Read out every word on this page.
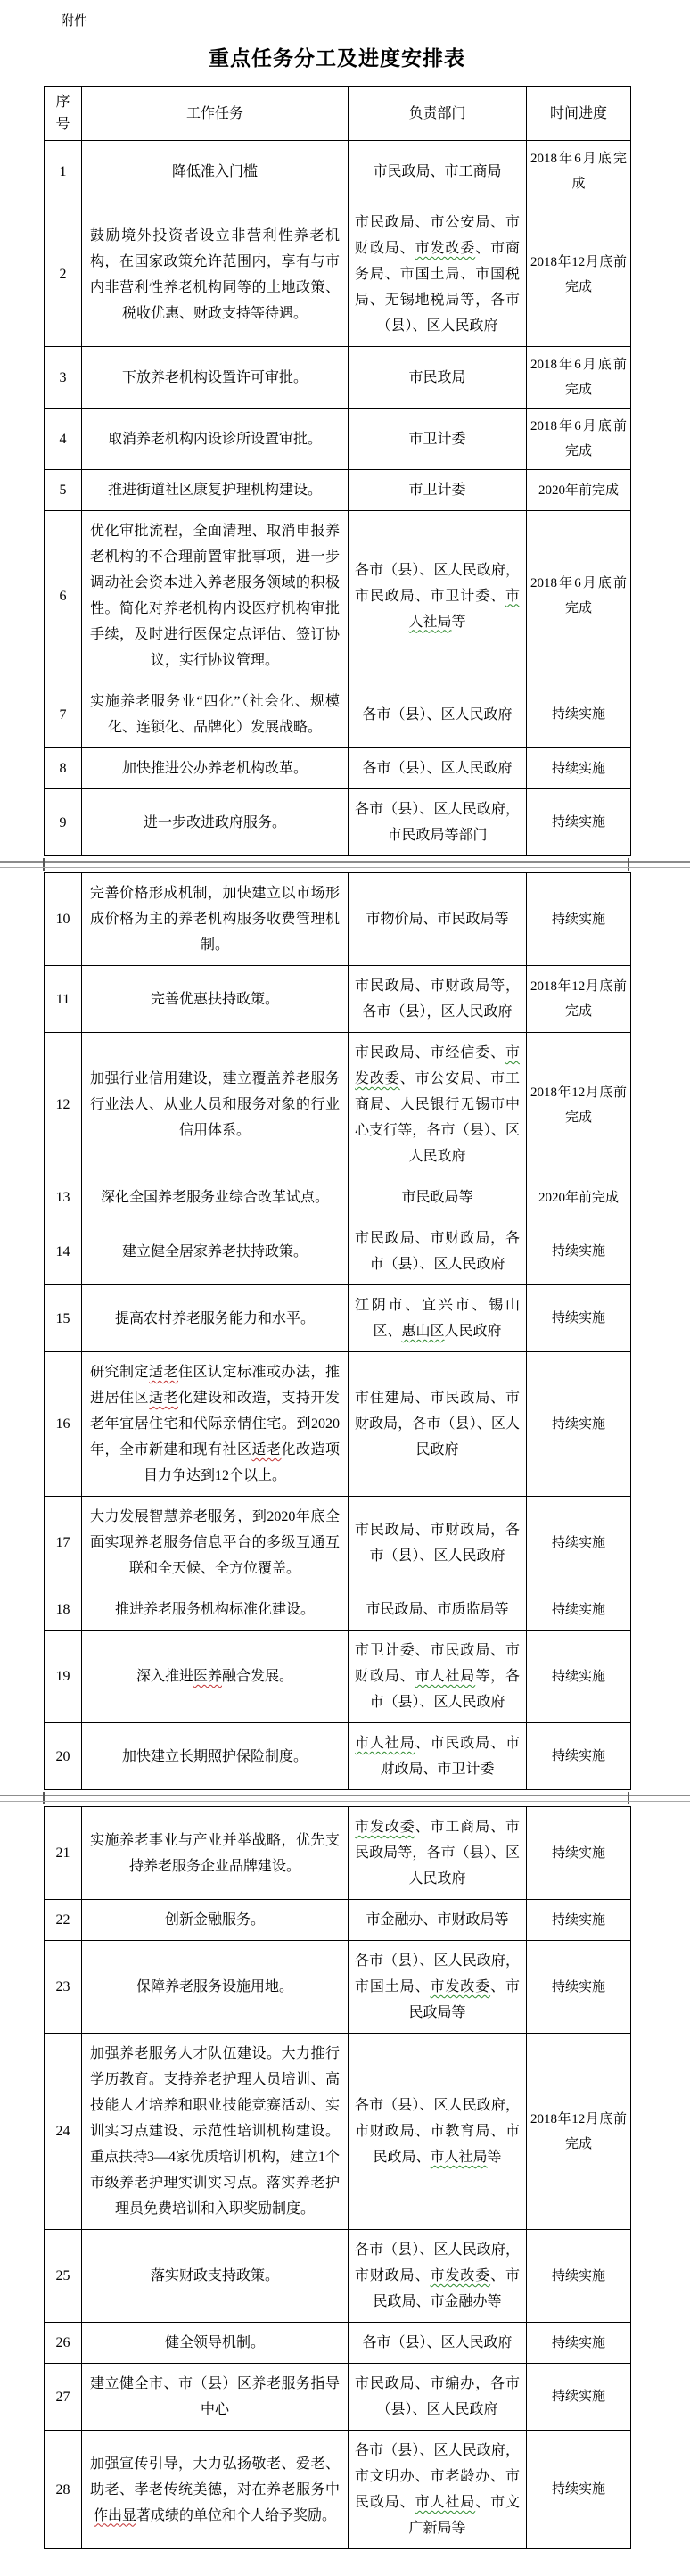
附件
重点任务分工及进度安排表
序号	工作任务	负责部门	时间进度
1	降低准入门槛	市民政局、市工商局	2018年6月底完成
2	鼓励境外投资者设立非营利性养老机构，在国家政策允许范围内，享有与市内非营利性养老机构同等的土地政策、税收优惠、财政支持等待遇。	市民政局、市公安局、市财政局、市发改委、市商务局、市国土局、市国税局、无锡地税局等，各市（县）、区人民政府	2018年12月底前完成
3	下放养老机构设置许可审批。	市民政局	2018年6月底前完成
4	取消养老机构内设诊所设置审批。	市卫计委	2018年6月底前完成
5	推进街道社区康复护理机构建设。	市卫计委	2020年前完成
6	优化审批流程，全面清理、取消申报养老机构的不合理前置审批事项，进一步调动社会资本进入养老服务领域的积极性。简化对养老机构内设医疗机构审批手续，及时进行医保定点评估、签订协议，实行协议管理。	各市（县）、区人民政府，市民政局、市卫计委、市人社局等	2018年6月底前完成
7	实施养老服务业“四化”（社会化、规模化、连锁化、品牌化）发展战略。	各市（县）、区人民政府	持续实施
8	加快推进公办养老机构改革。	各市（县）、区人民政府	持续实施
9	进一步改进政府服务。	各市（县）、区人民政府，市民政局等部门	持续实施
10	完善价格形成机制，加快建立以市场形成价格为主的养老机构服务收费管理机制。	市物价局、市民政局等	持续实施
11	完善优惠扶持政策。	市民政局、市财政局等，各市（县），区人民政府	2018年12月底前完成
12	加强行业信用建设，建立覆盖养老服务行业法人、从业人员和服务对象的行业信用体系。	市民政局、市经信委、市发改委、市公安局、市工商局、人民银行无锡市中心支行等，各市（县）、区人民政府	2018年12月底前完成
13	深化全国养老服务业综合改革试点。	市民政局等	2020年前完成
14	建立健全居家养老扶持政策。	市民政局、市财政局，各市（县）、区人民政府	持续实施
15	提高农村养老服务能力和水平。	江阴市、宜兴市、锡山区、惠山区人民政府	持续实施
16	研究制定适老住区认定标准或办法，推进居住区适老化建设和改造，支持开发老年宜居住宅和代际亲情住宅。到2020年，全市新建和现有社区适老化改造项目力争达到12个以上。	市住建局、市民政局、市财政局，各市（县）、区人民政府	持续实施
17	大力发展智慧养老服务，到2020年底全面实现养老服务信息平台的多级互通互联和全天候、全方位覆盖。	市民政局、市财政局，各市（县）、区人民政府	持续实施
18	推进养老服务机构标准化建设。	市民政局、市质监局等	持续实施
19	深入推进医养融合发展。	市卫计委、市民政局、市财政局、市人社局等，各市（县）、区人民政府	持续实施
20	加快建立长期照护保险制度。	市人社局、市民政局、市财政局、市卫计委	持续实施
21	实施养老事业与产业并举战略，优先支持养老服务企业品牌建设。	市发改委、市工商局、市民政局等，各市（县）、区人民政府	持续实施
22	创新金融服务。	市金融办、市财政局等	持续实施
23	保障养老服务设施用地。	各市（县）、区人民政府，市国土局、市发改委、市民政局等	持续实施
24	加强养老服务人才队伍建设。大力推行学历教育。支持养老护理人员培训、高技能人才培养和职业技能竞赛活动、实训实习点建设、示范性培训机构建设。重点扶持3—4家优质培训机构，建立1个市级养老护理实训实习点。落实养老护理员免费培训和入职奖励制度。	各市（县）、区人民政府，市财政局、市教育局、市民政局、市人社局等	2018年12月底前完成
25	落实财政支持政策。	各市（县）、区人民政府，市财政局、市发改委、市民政局、市金融办等	持续实施
26	健全领导机制。	各市（县）、区人民政府	持续实施
27	建立健全市、市（县）区养老服务指导中心	市民政局、市编办，各市（县）、区人民政府	持续实施
28	加强宣传引导，大力弘扬敬老、爱老、助老、孝老传统美德，对在养老服务中作出显著成绩的单位和个人给予奖励。	各市（县）、区人民政府，市文明办、市老龄办、市民政局、市人社局、市文广新局等	持续实施
